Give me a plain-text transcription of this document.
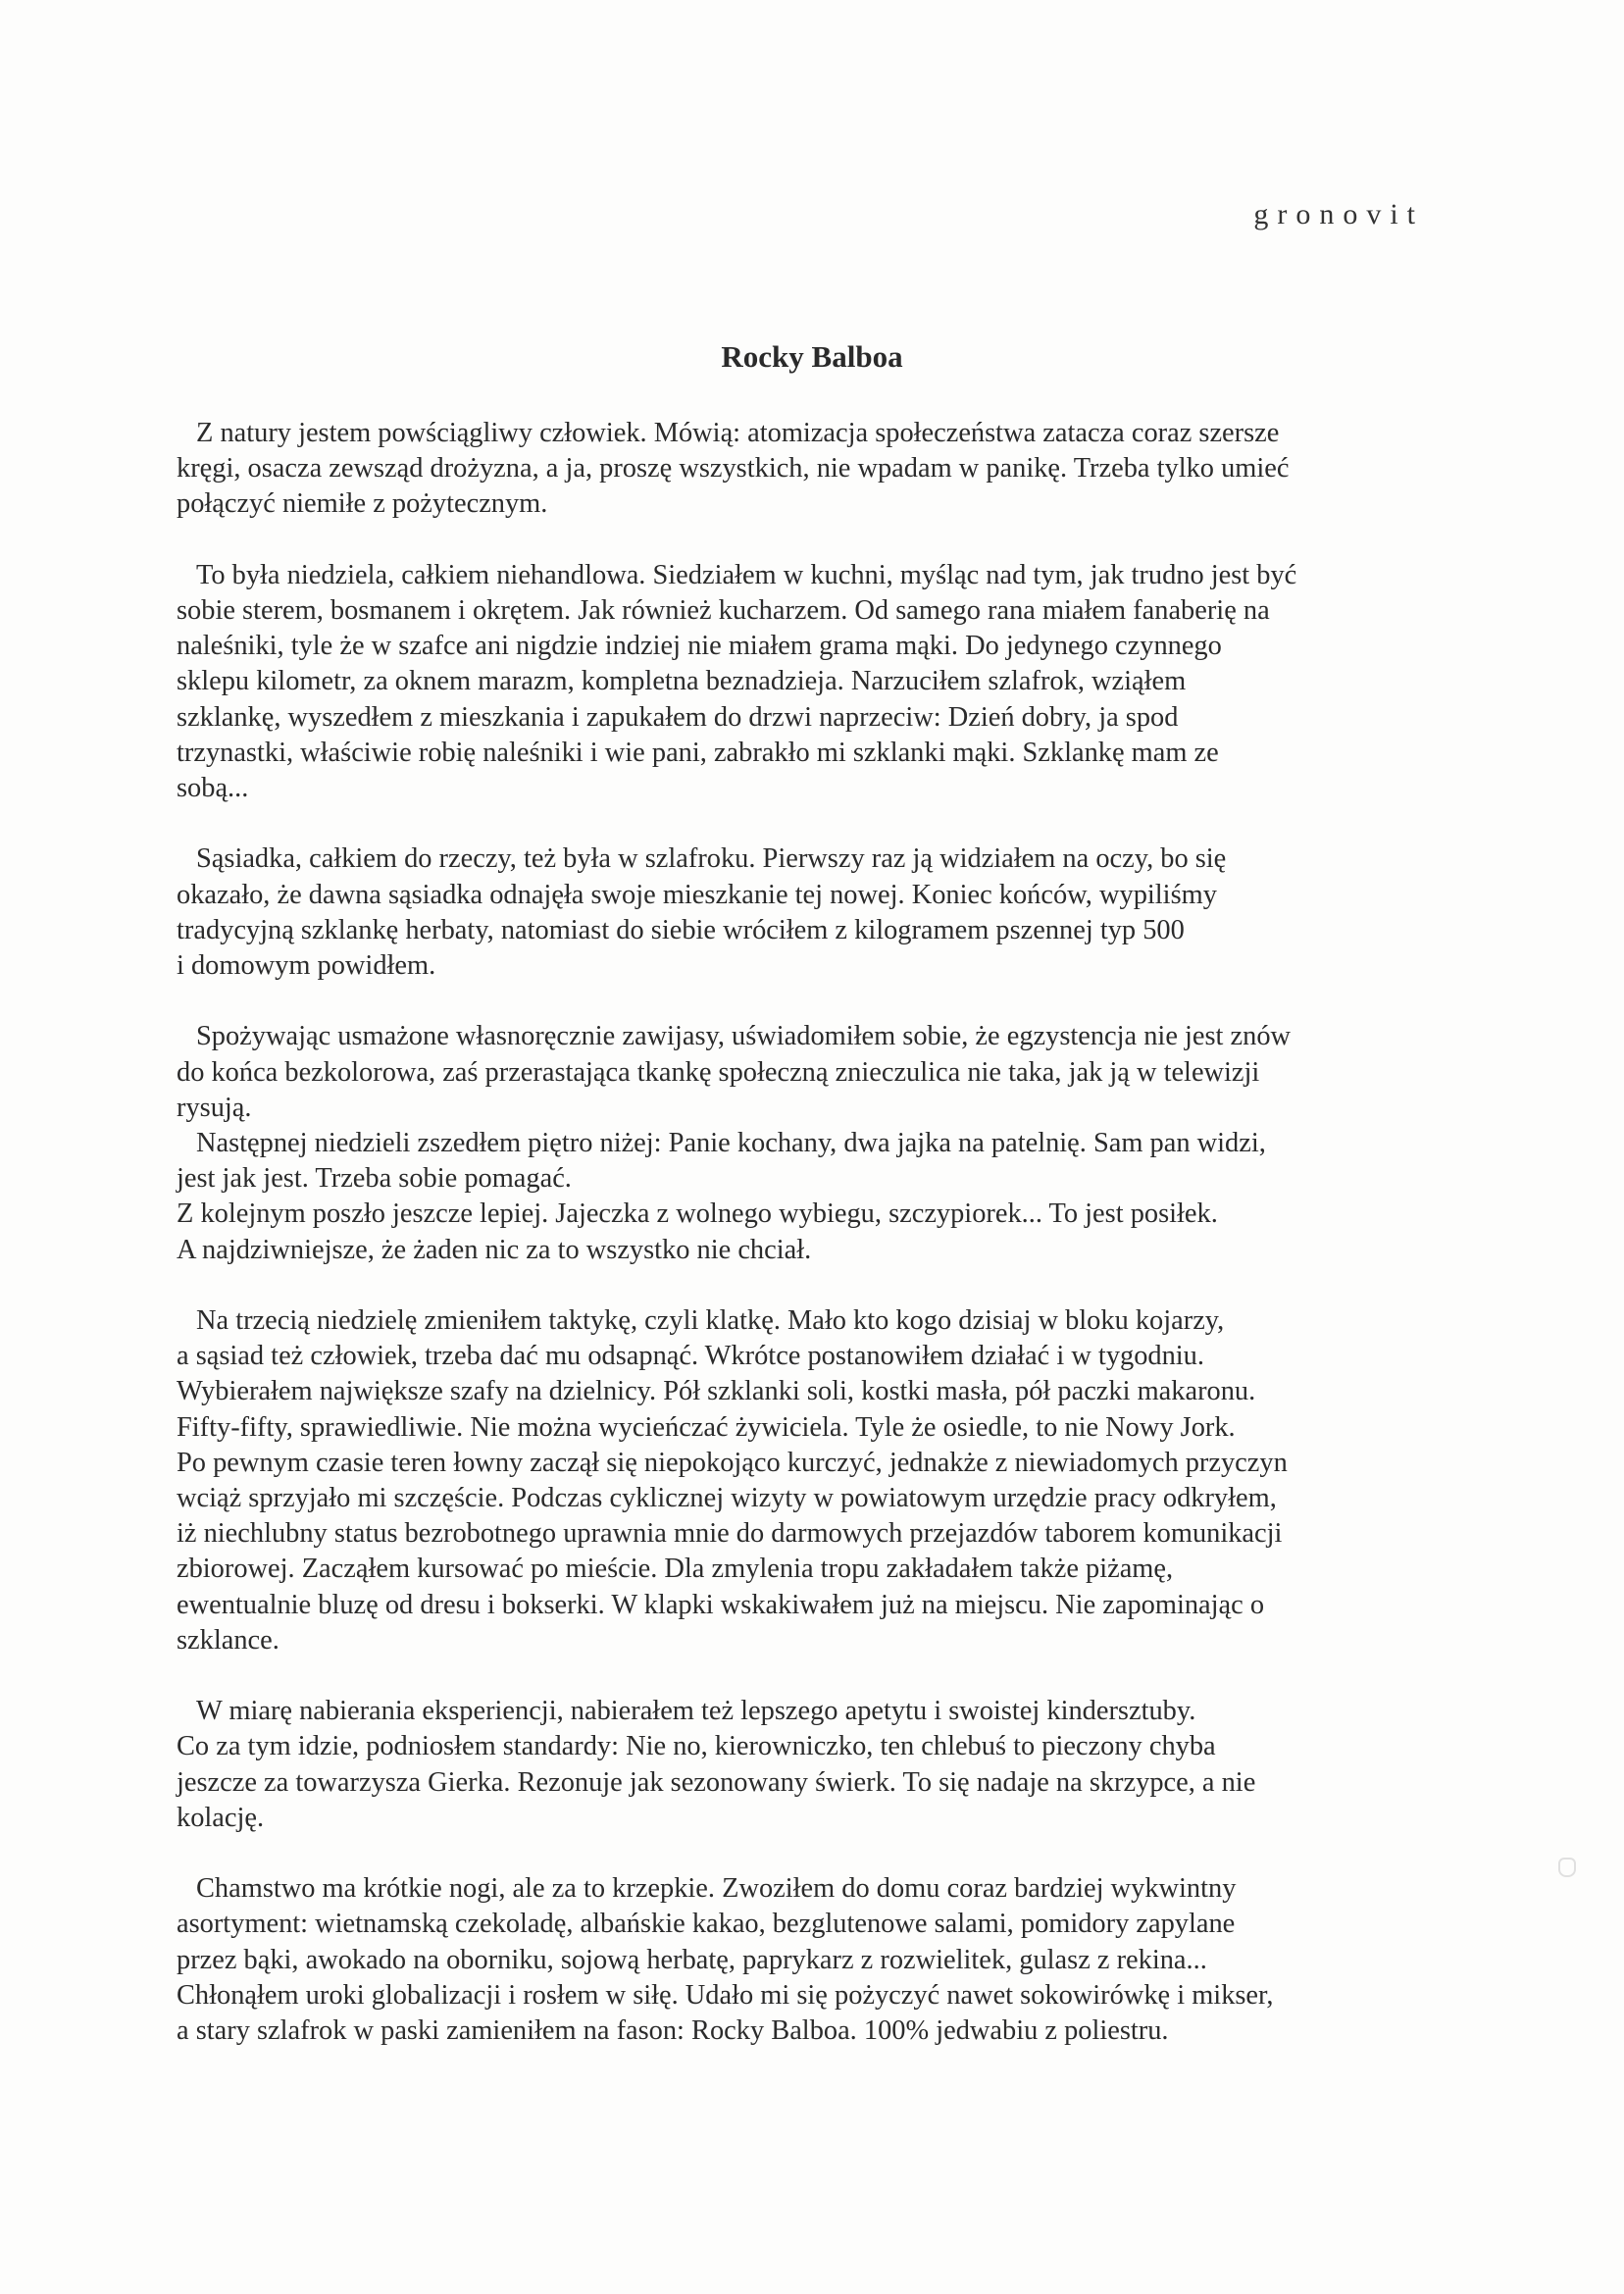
gronovit
Rocky Balboa

Z natury jestem powściągliwy człowiek. Mówią: atomizacja społeczeństwa zatacza coraz szersze
kręgi, osacza zewsząd drożyzna, a ja, proszę wszystkich, nie wpadam w panikę. Trzeba tylko umieć
połączyć niemiłe z pożytecznym.

To była niedziela, całkiem niehandlowa. Siedziałem w kuchni, myśląc nad tym, jak trudno jest być
sobie sterem, bosmanem i okrętem. Jak również kucharzem. Od samego rana miałem fanaberię na
naleśniki, tyle że w szafce ani nigdzie indziej nie miałem grama mąki. Do jedynego czynnego
sklepu kilometr, za oknem marazm, kompletna beznadzieja. Narzuciłem szlafrok, wziąłem
szklankę, wyszedłem z mieszkania i zapukałem do drzwi naprzeciw: Dzień dobry, ja spod
trzynastki, właściwie robię naleśniki i wie pani, zabrakło mi szklanki mąki. Szklankę mam ze
sobą...

Sąsiadka, całkiem do rzeczy, też była w szlafroku. Pierwszy raz ją widziałem na oczy, bo się
okazało, że dawna sąsiadka odnajęła swoje mieszkanie tej nowej. Koniec końców, wypiliśmy
tradycyjną szklankę herbaty, natomiast do siebie wróciłem z kilogramem pszennej typ 500
i domowym powidłem.

Spożywając usmażone własnoręcznie zawijasy, uświadomiłem sobie, że egzystencja nie jest znów
do końca bezkolorowa, zaś przerastająca tkankę społeczną znieczulica nie taka, jak ją w telewizji
rysują.
Następnej niedzieli zszedłem piętro niżej: Panie kochany, dwa jajka na patelnię. Sam pan widzi,
jest jak jest. Trzeba sobie pomagać.
Z kolejnym poszło jeszcze lepiej. Jajeczka z wolnego wybiegu, szczypiorek... To jest posiłek.
A najdziwniejsze, że żaden nic za to wszystko nie chciał.

Na trzecią niedzielę zmieniłem taktykę, czyli klatkę. Mało kto kogo dzisiaj w bloku kojarzy,
a sąsiad też człowiek, trzeba dać mu odsapnąć. Wkrótce postanowiłem działać i w tygodniu.
Wybierałem największe szafy na dzielnicy. Pół szklanki soli, kostki masła, pół paczki makaronu.
Fifty-fifty, sprawiedliwie. Nie można wycieńczać żywiciela. Tyle że osiedle, to nie Nowy Jork.
Po pewnym czasie teren łowny zaczął się niepokojąco kurczyć, jednakże z niewiadomych przyczyn
wciąż sprzyjało mi szczęście. Podczas cyklicznej wizyty w powiatowym urzędzie pracy odkryłem,
iż niechlubny status bezrobotnego uprawnia mnie do darmowych przejazdów taborem komunikacji
zbiorowej. Zacząłem kursować po mieście. Dla zmylenia tropu zakładałem także piżamę,
ewentualnie bluzę od dresu i bokserki. W klapki wskakiwałem już na miejscu. Nie zapominając o
szklance.

W miarę nabierania eksperiencji, nabierałem też lepszego apetytu i swoistej kindersztuby.
Co za tym idzie, podniosłem standardy: Nie no, kierowniczko, ten chlebuś to pieczony chyba
jeszcze za towarzysza Gierka. Rezonuje jak sezonowany świerk. To się nadaje na skrzypce, a nie
kolację.

Chamstwo ma krótkie nogi, ale za to krzepkie. Zwoziłem do domu coraz bardziej wykwintny
asortyment: wietnamską czekoladę, albańskie kakao, bezglutenowe salami, pomidory zapylane
przez bąki, awokado na oborniku, sojową herbatę, paprykarz z rozwielitek, gulasz z rekina...
Chłonąłem uroki globalizacji i rosłem w siłę. Udało mi się pożyczyć nawet sokowirówkę i mikser,
a stary szlafrok w paski zamieniłem na fason: Rocky Balboa. 100% jedwabiu z poliestru.
